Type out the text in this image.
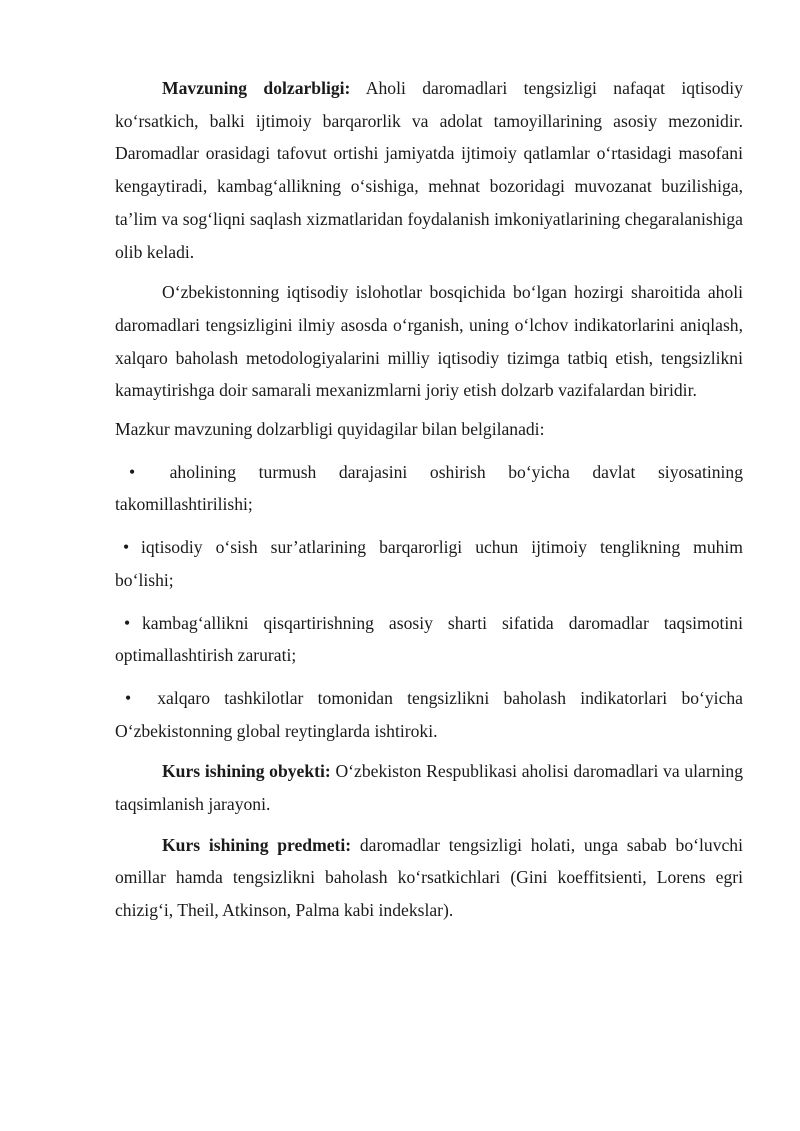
Mavzuning dolzarbligi: Aholi daromadlari tengsizligi nafaqat iqtisodiy ko‘rsatkich, balki ijtimoiy barqarorlik va adolat tamoyillarining asosiy mezonidir. Daromadlar orasidagi tafovut ortishi jamiyatda ijtimoiy qatlamlar o‘rtasidagi masofani kengaytiradi, kambag‘allikning o‘sishiga, mehnat bozoridagi muvozanat buzilishiga, ta’lim va sog‘liqni saqlash xizmatlaridan foydalanish imkoniyatlarining chegaralanishiga olib keladi.

O‘zbekistonning iqtisodiy islohotlar bosqichida bo‘lgan hozirgi sharoitida aholi daromadlari tengsizligini ilmiy asosda o‘rganish, uning o‘lchov indikatorlarini aniqlash, xalqaro baholash metodologiyalarini milliy iqtisodiy tizimga tatbiq etish, tengsizlikni kamaytirishga doir samarali mexanizmlarni joriy etish dolzarb vazifalardan biridir.

Mazkur mavzuning dolzarbligi quyidagilar bilan belgilanadi:

• aholining turmush darajasini oshirish bo‘yicha davlat siyosatining takomillashtirilishi;

• iqtisodiy o‘sish sur’atlarining barqarorligi uchun ijtimoiy tenglikning muhim bo‘lishi;

• kambag‘allikni qisqartirishning asosiy sharti sifatida daromadlar taqsimotini optimallashtirish zarurati;

• xalqaro tashkilotlar tomonidan tengsizlikni baholash indikatorlari bo‘yicha O‘zbekistonning global reytinglarda ishtiroki.

Kurs ishining obyekti: O‘zbekiston Respublikasi aholisi daromadlari va ularning taqsimlanish jarayoni.

Kurs ishining predmeti: daromadlar tengsizligi holati, unga sabab bo‘luvchi omillar hamda tengsizlikni baholash ko‘rsatkichlari (Gini koeffitsienti, Lorens egri chizig‘i, Theil, Atkinson, Palma kabi indekslar).
